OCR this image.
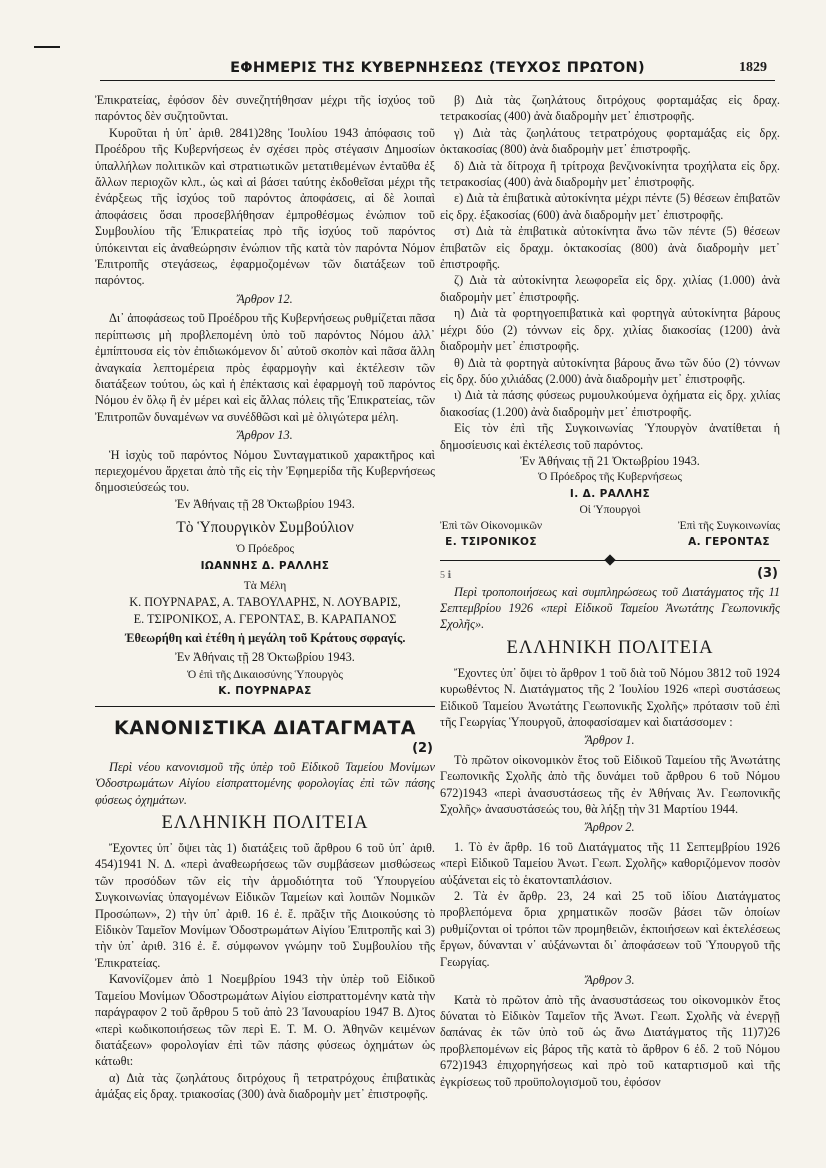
ΕΦΗΜΕΡΙΣ ΤΗΣ ΚΥΒΕΡΝΗΣΕΩΣ (ΤΕΥΧΟΣ ΠΡΩΤΟΝ)	1829

Ἐπικρατείας, ἐφόσον δὲν συνεζητήθησαν μέχρι τῆς ἰσχύος τοῦ παρόντος δὲν συζητοῦνται.

Κυροῦται ἡ ὑπ᾽ ἀριθ. 2841)28ης Ἰουλίου 1943 ἀπόφασις τοῦ Προέδρου τῆς Κυβερνήσεως ἐν σχέσει πρὸς στέγασιν Δημοσίων ὑπαλλήλων πολιτικῶν καὶ στρατιωτικῶν μετατιθεμένων ἐνταῦθα ἐξ ἄλλων περιοχῶν κλπ., ὡς καὶ αἱ βάσει ταύτης ἐκδοθεῖσαι μέχρι τῆς ἐνάρξεως τῆς ἰσχύος τοῦ παρόντος ἀποφάσεις, αἱ δὲ λοιπαὶ ἀποφάσεις ὅσαι προσεβλήθησαν ἐμπροθέσμως ἐνώπιον τοῦ Συμβουλίου τῆς Ἐπικρατείας πρὸ τῆς ἰσχύος τοῦ παρόντος ὑπόκεινται εἰς ἀναθεώρησιν ἐνώπιον τῆς κατὰ τὸν παρόντα Νόμον Ἐπιτροπῆς στεγάσεως, ἐφαρμοζομένων τῶν διατάξεων τοῦ παρόντος.

Ἄρθρον 12.

Δι᾽ ἀποφάσεως τοῦ Προέδρου τῆς Κυβερνήσεως ρυθμίζεται πᾶσα περίπτωσις μὴ προβλεπομένη ὑπὸ τοῦ παρόντος Νόμου ἀλλ᾽ ἐμπίπτουσα εἰς τὸν ἐπιδιωκόμενον δι᾽ αὐτοῦ σκοπὸν καὶ πᾶσα ἄλλη ἀναγκαία λεπτομέρεια πρὸς ἐφαρμογὴν καὶ ἐκτέλεσιν τῶν διατάξεων τούτου, ὡς καὶ ἡ ἐπέκτασις καὶ ἐφαρμογὴ τοῦ παρόντος Νόμου ἐν ὅλῳ ἢ ἐν μέρει καὶ εἰς ἄλλας πόλεις τῆς Ἐπικρατείας, τῶν Ἐπιτροπῶν δυναμένων να συνέδθῶσι καὶ μὲ ὀλιγώτερα μέλη.

Ἄρθρον 13.

Ἡ ἰσχὺς τοῦ παρόντος Νόμου Συνταγματικοῦ χαρακτῆρος καὶ περιεχομένου ἄρχεται ἀπὸ τῆς εἰς τὴν Ἐφημερίδα τῆς Κυβερνήσεως δημοσιεύσεώς του.

Ἐν Ἀθήναις τῇ 28 Ὀκτωβρίου 1943.
Τὸ Ὑπουργικὸν Συμβούλιον
Ὁ Πρόεδρος
ΙΩΑΝΝΗΣ Δ. ΡΑΛΛΗΣ
Τὰ Μέλη
Κ. ΠΟΥΡΝΑΡΑΣ, Α. ΤΑΒΟΥΛΑΡΗΣ, Ν. ΛΟΥΒΑΡΙΣ,
Ε. ΤΣΙΡΟΝΙΚΟΣ, Α. ΓΕΡΟΝΤΑΣ, Β. ΚΑΡΑΠΑΝΟΣ
Ἐθεωρήθη καὶ ἐτέθη ἡ μεγάλη τοῦ Κράτους σφραγίς.
Ἐν Ἀθήναις τῇ 28 Ὀκτωβρίου 1943.
Ὁ ἐπὶ τῆς Δικαιοσύνης Ὑπουργὸς
Κ. ΠΟΥΡΝΑΡΑΣ
ΚΑΝΟΝΙΣΤΙΚΑ ΔΙΑΤΑΓΜΑΤΑ
(2)

Περὶ νέου κανονισμοῦ τῆς ὑπὲρ τοῦ Εἰδικοῦ Ταμείου Μονίμων Ὁδοστρωμάτων Αἰγίου εἰσπραττομένης φορολογίας ἐπὶ τῶν πάσης φύσεως ὀχημάτων.

ΕΛΛΗΝΙΚΗ ΠΟΛΙΤΕΙΑ

Ἔχοντες ὑπ᾽ ὄψει τὰς 1) διατάξεις τοῦ ἄρθρου 6 τοῦ ὑπ᾽ ἀριθ. 454)1941 Ν. Δ. «περὶ ἀναθεωρήσεως τῶν συμβάσεων μισθώσεως τῶν προσόδων τῶν εἰς τὴν ἁρμοδιότητα τοῦ Ὑπουργείου Συγκοινωνίας ὑπαγομένων Εἰδικῶν Ταμείων καὶ λοιπῶν Νομικῶν Προσώπων», 2) τὴν ὑπ᾽ ἀριθ. 16 ἐ. ἔ. πρᾶξιν τῆς Διοικούσης τὸ Εἰδικὸν Ταμεῖον Μονίμων Ὁδοστρωμάτων Αἰγίου Ἐπιτροπῆς καὶ 3) τὴν ὑπ᾽ ἀριθ. 316 ἐ. ἔ. σύμφωνον γνώμην τοῦ Συμβουλίου τῆς Ἐπικρατείας.

Κανονίζομεν ἀπὸ 1 Νοεμβρίου 1943 τὴν ὑπὲρ τοῦ Εἰδικοῦ Ταμείου Μονίμων Ὁδοστρωμάτων Αἰγίου εἰσπραττομένην κατὰ τὴν παράγραφον 2 τοῦ ἄρθρου 5 τοῦ ἀπὸ 23 Ἰανουαρίου 1947 Β. Δ)τος «περὶ κωδικοποιήσεως τῶν περὶ Ε. Τ. Μ. Ο. Ἀθηνῶν κειμένων διατάξεων» φορολογίαν ἐπὶ τῶν πάσης φύσεως ὀχημάτων ὡς κάτωθι:

α) Διὰ τὰς ζωηλάτους διτρόχους ἢ τετρατρόχους ἐπιβατικὰς ἁμάξας εἰς δραχ. τριακοσίας (300) ἀνὰ διαδρομὴν μετ᾽ ἐπιστροφῆς.

β) Διὰ τὰς ζωηλάτους διτρόχους φορταμάξας εἰς δραχ. τετρακοσίας (400) ἀνὰ διαδρομὴν μετ᾽ ἐπιστροφῆς.

γ) Διὰ τὰς ζωηλάτους τετρατρόχους φορταμάξας εἰς δρχ. ὀκτακοσίας (800) ἀνὰ διαδρομὴν μετ᾽ ἐπιστροφῆς.

δ) Διὰ τὰ δίτροχα ἢ τρίτροχα βενζινοκίνητα τροχήλατα εἰς δρχ. τετρακοσίας (400) ἀνὰ διαδρομὴν μετ᾽ ἐπιστροφῆς.

ε) Διὰ τὰ ἐπιβατικὰ αὐτοκίνητα μέχρι πέντε (5) θέσεων ἐπιβατῶν εἰς δρχ. ἑξακοσίας (600) ἀνὰ διαδρομὴν μετ᾽ ἐπιστροφῆς.

στ) Διὰ τὰ ἐπιβατικὰ αὐτοκίνητα ἄνω τῶν πέντε (5) θέσεων ἐπιβατῶν εἰς δραχμ. ὀκτακοσίας (800) ἀνὰ διαδρομὴν μετ᾽ ἐπιστροφῆς.

ζ) Διὰ τὰ αὐτοκίνητα λεωφορεῖα εἰς δρχ. χιλίας (1.000) ἀνὰ διαδρομὴν μετ᾽ ἐπιστροφῆς.

η) Διὰ τὰ φορτηγοεπιβατικὰ καὶ φορτηγὰ αὐτοκίνητα βάρους μέχρι δύο (2) τόννων εἰς δρχ. χιλίας διακοσίας (1200) ἀνὰ διαδρομὴν μετ᾽ ἐπιστροφῆς.

θ) Διὰ τὰ φορτηγὰ αὐτοκίνητα βάρους ἄνω τῶν δύο (2) τόννων εἰς δρχ. δύο χιλιάδας (2.000) ἀνὰ διαδρομὴν μετ᾽ ἐπιστροφῆς.

ι) Διὰ τὰ πάσης φύσεως ρυμουλκούμενα ὀχήματα εἰς δρχ. χιλίας διακοσίας (1.200) ἀνὰ διαδρομὴν μετ᾽ ἐπιστροφῆς.

Εἰς τὸν ἐπὶ τῆς Συγκοινωνίας Ὑπουργὸν ἀνατίθεται ἡ δημοσίευσις καὶ ἐκτέλεσις τοῦ παρόντος.

Ἐν Ἀθήναις τῇ 21 Ὀκτωβρίου 1943.
Ὁ Πρόεδρος τῆς Κυβερνήσεως
Ι. Δ. ΡΑΛΛΗΣ
Οἱ Ὑπουργοὶ
Ἐπὶ τῶν Οἰκονομικῶν
Ε. ΤΣΙΡΟΝΙΚΟΣ
Ἐπὶ τῆς Συγκοινωνίας
Α. ΓΕΡΟΝΤΑΣ
5 ℹ	(3)

Περὶ τροποποιήσεως καὶ συμπληρώσεως τοῦ Διατάγματος τῆς 11 Σεπτεμβρίου 1926 «περὶ Εἰδικοῦ Ταμείου Ἀνωτάτης Γεωπονικῆς Σχολῆς».

ΕΛΛΗΝΙΚΗ ΠΟΛΙΤΕΙΑ

Ἔχοντες ὑπ᾽ ὄψει τὸ ἄρθρον 1 τοῦ διὰ τοῦ Νόμου 3812 τοῦ 1924 κυρωθέντος Ν. Διατάγματος τῆς 2 Ἰουλίου 1926 «περὶ συστάσεως Εἰδικοῦ Ταμείου Ἀνωτάτης Γεωπονικῆς Σχολῆς» πρότασιν τοῦ ἐπὶ τῆς Γεωργίας Ὑπουργοῦ, ἀποφασίσαμεν καὶ διατάσσομεν :

Ἄρθρον 1.

Τὸ πρῶτον οἰκονομικὸν ἔτος τοῦ Εἰδικοῦ Ταμείου τῆς Ἀνωτάτης Γεωπονικῆς Σχολῆς ἀπὸ τῆς δυνάμει τοῦ ἄρθρου 6 τοῦ Νόμου 672)1943 «περὶ ἀνασυστάσεως τῆς ἐν Ἀθήναις Ἀν. Γεωπονικῆς Σχολῆς» ἀνασυστάσεώς του, θὰ λήξῃ τὴν 31 Μαρτίου 1944.

Ἄρθρον 2.

1. Τὸ ἐν ἄρθρ. 16 τοῦ Διατάγματος τῆς 11 Σεπτεμβρίου 1926 «περὶ Εἰδικοῦ Ταμείου Ἀνωτ. Γεωπ. Σχολῆς» καθοριζόμενον ποσὸν αὐξάνεται εἰς τὸ ἑκατονταπλάσιον.

2. Τὰ ἐν ἄρθρ. 23, 24 καὶ 25 τοῦ ἰδίου Διατάγματος προβλεπόμενα ὅρια χρηματικῶν ποσῶν βάσει τῶν ὁποίων ρυθμίζονται οἱ τρόποι τῶν προμηθειῶν, ἐκποιήσεων καὶ ἐκτελέσεως ἔργων, δύνανται ν᾽ αὐξάνωνται δι᾽ ἀποφάσεων τοῦ Ὑπουργοῦ τῆς Γεωργίας.

Ἄρθρον 3.

Κατὰ τὸ πρῶτον ἀπὸ τῆς ἀνασυστάσεως του οἰκονομικὸν ἔτος δύναται τὸ Εἰδικὸν Ταμεῖον τῆς Ἀνωτ. Γεωπ. Σχολῆς νὰ ἐνεργῇ δαπάνας ἐκ τῶν ὑπὸ τοῦ ὡς ἄνω Διατάγματος τῆς 11)7)26 προβλεπομένων εἰς βάρος τῆς κατὰ τὸ ἄρθρον 6 ἐδ. 2 τοῦ Νόμου 672)1943 ἐπιχορηγήσεως καὶ πρὸ τοῦ καταρτισμοῦ καὶ τῆς ἐγκρίσεως τοῦ προϋπολογισμοῦ του, ἐφόσον
